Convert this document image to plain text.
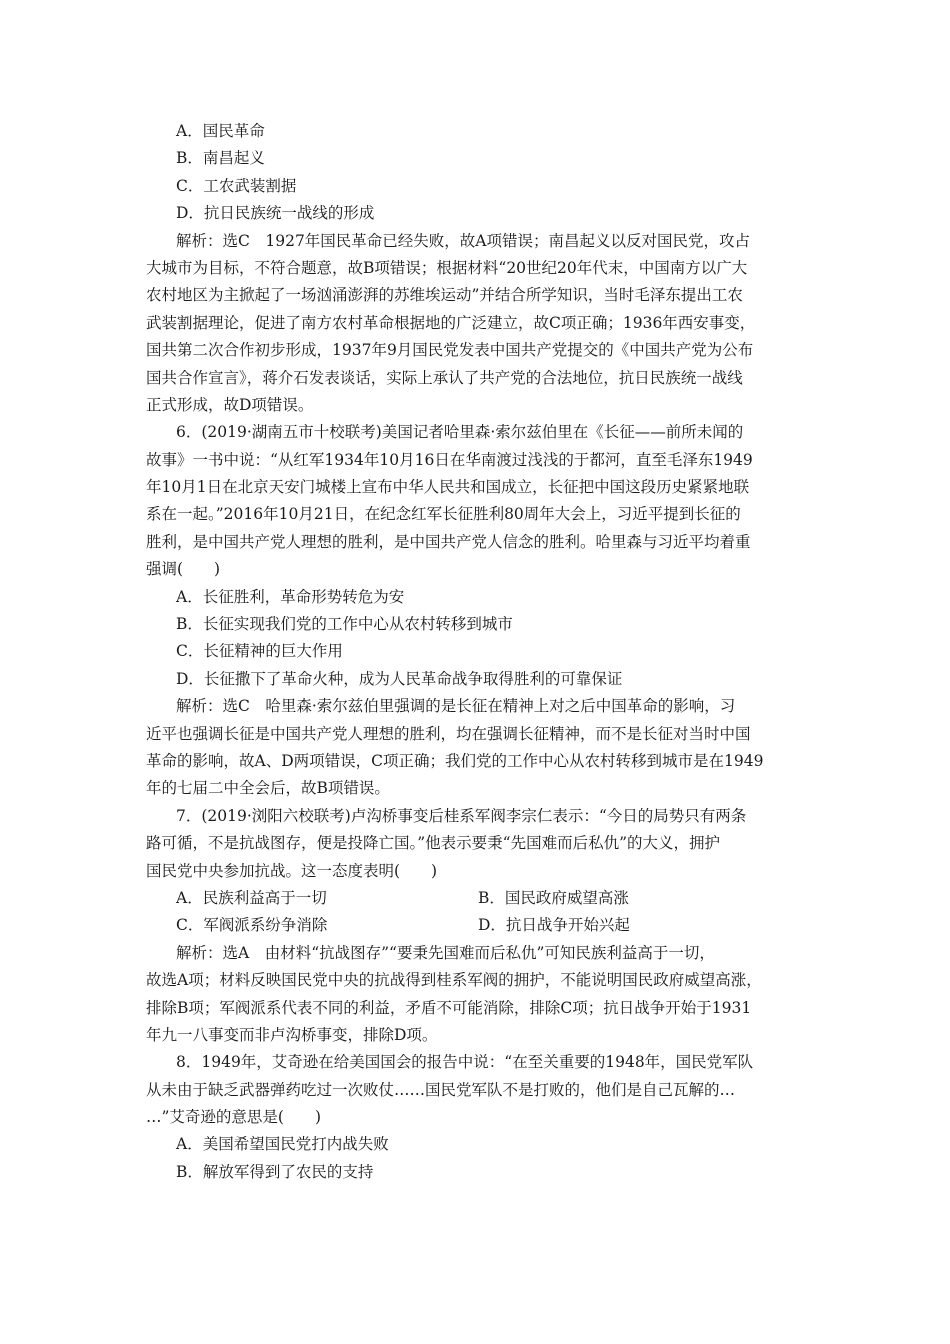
A．国民革命
B．南昌起义
C．工农武装割据
D．抗日民族统一战线的形成
解析：选C　1927年国民革命已经失败，故A项错误；南昌起义以反对国民党，攻占
大城市为目标，不符合题意，故B项错误；根据材料“20世纪20年代末，中国南方以广大
农村地区为主掀起了一场汹涌澎湃的苏维埃运动”并结合所学知识，当时毛泽东提出工农
武装割据理论，促进了南方农村革命根据地的广泛建立，故C项正确；1936年西安事变，
国共第二次合作初步形成，1937年9月国民党发表中国共产党提交的《中国共产党为公布
国共合作宣言》，蒋介石发表谈话，实际上承认了共产党的合法地位，抗日民族统一战线
正式形成，故D项错误。
6．(2019·湖南五市十校联考)美国记者哈里森·索尔兹伯里在《长征——前所未闻的
故事》一书中说：“从红军1934年10月16日在华南渡过浅浅的于都河，直至毛泽东1949
年10月1日在北京天安门城楼上宣布中华人民共和国成立，长征把中国这段历史紧紧地联
系在一起。”2016年10月21日，在纪念红军长征胜利80周年大会上，习近平提到长征的
胜利，是中国共产党人理想的胜利，是中国共产党人信念的胜利。哈里森与习近平均着重
强调(　　)
A．长征胜利，革命形势转危为安
B．长征实现我们党的工作中心从农村转移到城市
C．长征精神的巨大作用
D．长征撒下了革命火种，成为人民革命战争取得胜利的可靠保证
解析：选C　哈里森·索尔兹伯里强调的是长征在精神上对之后中国革命的影响，习
近平也强调长征是中国共产党人理想的胜利，均在强调长征精神，而不是长征对当时中国
革命的影响，故A、D两项错误，C项正确；我们党的工作中心从农村转移到城市是在1949
年的七届二中全会后，故B项错误。
7．(2019·浏阳六校联考)卢沟桥事变后桂系军阀李宗仁表示：“今日的局势只有两条
路可循，不是抗战图存，便是投降亡国。”他表示要秉“先国难而后私仇”的大义，拥护
国民党中央参加抗战。这一态度表明(　　)
A．民族利益高于一切	B．国民政府威望高涨
C．军阀派系纷争消除	D．抗日战争开始兴起
解析：选A　由材料“抗战图存”“要秉先国难而后私仇”可知民族利益高于一切，
故选A项；材料反映国民党中央的抗战得到桂系军阀的拥护，不能说明国民政府威望高涨，
排除B项；军阀派系代表不同的利益，矛盾不可能消除，排除C项；抗日战争开始于1931
年九一八事变而非卢沟桥事变，排除D项。
8．1949年，艾奇逊在给美国国会的报告中说：“在至关重要的1948年，国民党军队
从未由于缺乏武器弹药吃过一次败仗……国民党军队不是打败的，他们是自己瓦解的…
…”艾奇逊的意思是(　　)
A．美国希望国民党打内战失败
B．解放军得到了农民的支持
